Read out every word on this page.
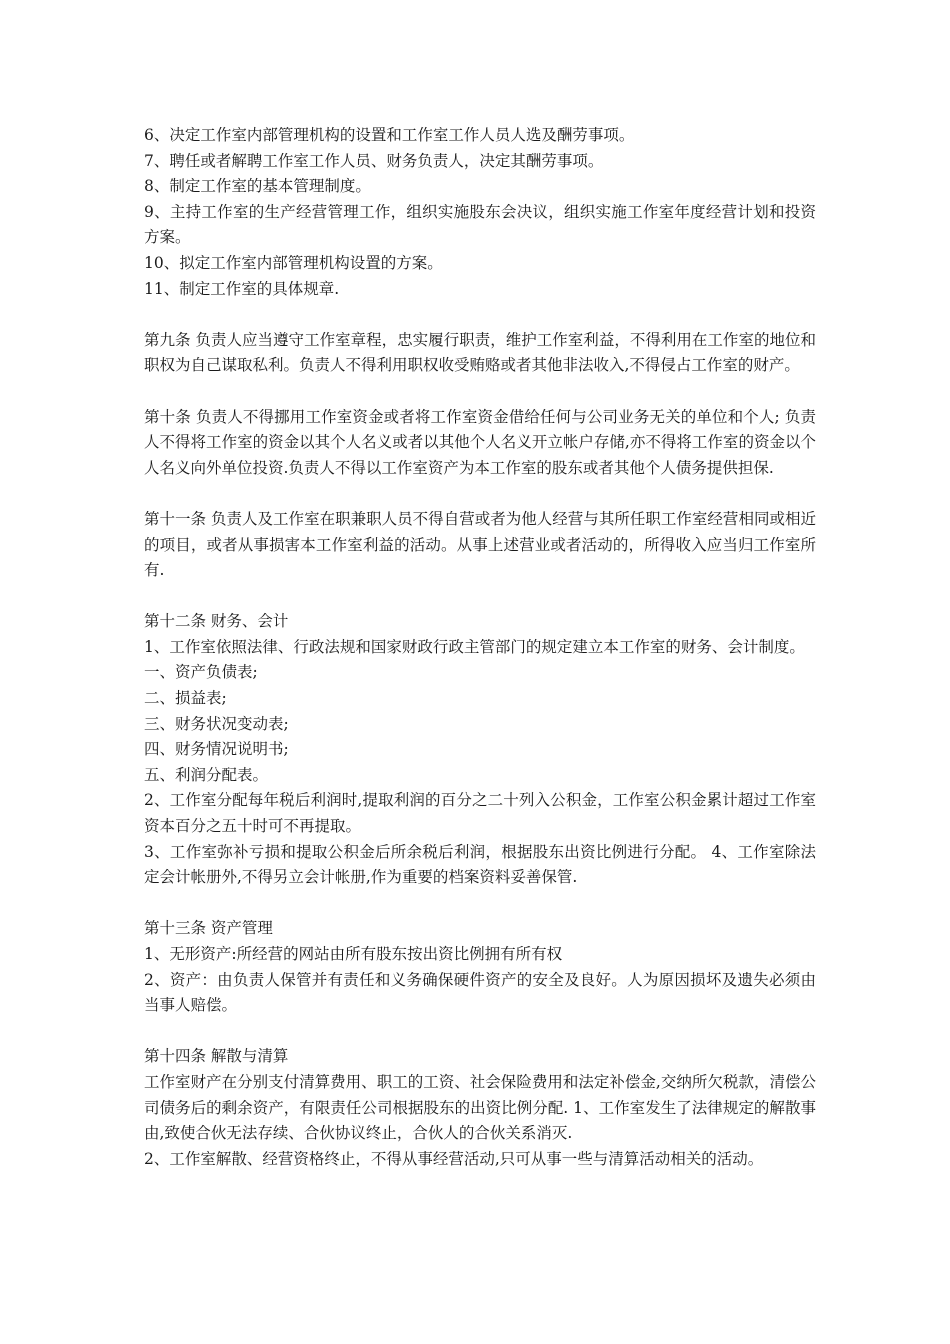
6、决定工作室内部管理机构的设置和工作室工作人员人选及酬劳事项。

7、聘任或者解聘工作室工作人员、财务负责人，决定其酬劳事项。

8、制定工作室的基本管理制度。

9、主持工作室的生产经营管理工作，组织实施股东会决议，组织实施工作室年度经营计划和投资方案。

10、拟定工作室内部管理机构设置的方案。

11、制定工作室的具体规章.

第九条 负责人应当遵守工作室章程，忠实履行职责，维护工作室利益，不得利用在工作室的地位和职权为自己谋取私利。负责人不得利用职权收受贿赂或者其他非法收入,不得侵占工作室的财产。

第十条 负责人不得挪用工作室资金或者将工作室资金借给任何与公司业务无关的单位和个人; 负责人不得将工作室的资金以其个人名义或者以其他个人名义开立帐户存储,亦不得将工作室的资金以个人名义向外单位投资.负责人不得以工作室资产为本工作室的股东或者其他个人债务提供担保.

第十一条 负责人及工作室在职兼职人员不得自营或者为他人经营与其所任职工作室经营相同或相近的项目，或者从事损害本工作室利益的活动。从事上述营业或者活动的，所得收入应当归工作室所有.

第十二条 财务、会计

1、工作室依照法律、行政法规和国家财政行政主管部门的规定建立本工作室的财务、会计制度。

一、资产负债表;

二、损益表;

三、财务状况变动表;

四、财务情况说明书;

五、利润分配表。

2、工作室分配每年税后利润时,提取利润的百分之二十列入公积金，工作室公积金累计超过工作室资本百分之五十时可不再提取。

3、工作室弥补亏损和提取公积金后所余税后利润，根据股东出资比例进行分配。 4、工作室除法定会计帐册外,不得另立会计帐册,作为重要的档案资料妥善保管.

第十三条 资产管理

1、无形资产:所经营的网站由所有股东按出资比例拥有所有权

2、资产：由负责人保管并有责任和义务确保硬件资产的安全及良好。人为原因损坏及遗失必须由当事人赔偿。

第十四条 解散与清算

工作室财产在分别支付清算费用、职工的工资、社会保险费用和法定补偿金,交纳所欠税款，清偿公司债务后的剩余资产，有限责任公司根据股东的出资比例分配. 1、工作室发生了法律规定的解散事由,致使合伙无法存续、合伙协议终止，合伙人的合伙关系消灭.

2、工作室解散、经营资格终止，不得从事经营活动,只可从事一些与清算活动相关的活动。
